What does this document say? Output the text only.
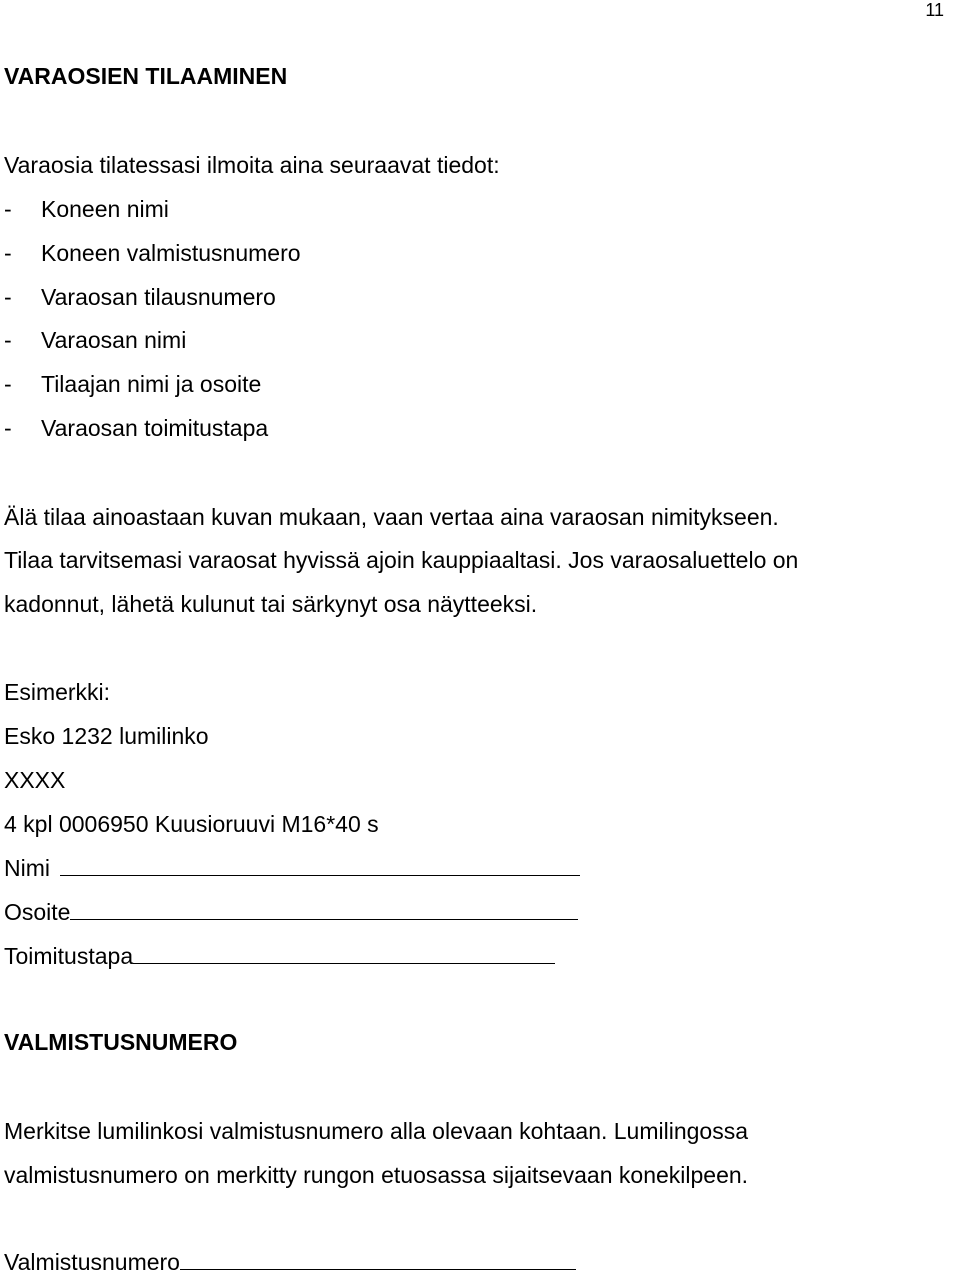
11
VARAOSIEN TILAAMINEN
Varaosia tilatessasi ilmoita aina seuraavat tiedot:
- Koneen nimi
- Koneen valmistusnumero
- Varaosan tilausnumero
- Varaosan nimi
- Tilaajan nimi ja osoite
- Varaosan toimitustapa
Älä tilaa ainoastaan kuvan mukaan, vaan vertaa aina varaosan nimitykseen.
Tilaa tarvitsemasi varaosat hyvissä ajoin kauppiaaltasi. Jos varaosaluettelo on
kadonnut, lähetä kulunut tai särkynyt osa näytteeksi.
Esimerkki:
Esko 1232 lumilinko
XXXX
4 kpl 0006950 Kuusioruuvi M16*40 s
Nimi
Osoite
Toimitustapa
VALMISTUSNUMERO
Merkitse lumilinkosi valmistusnumero alla olevaan kohtaan. Lumilingossa
valmistusnumero on merkitty rungon etuosassa sijaitsevaan konekilpeen.
Valmistusnumero
